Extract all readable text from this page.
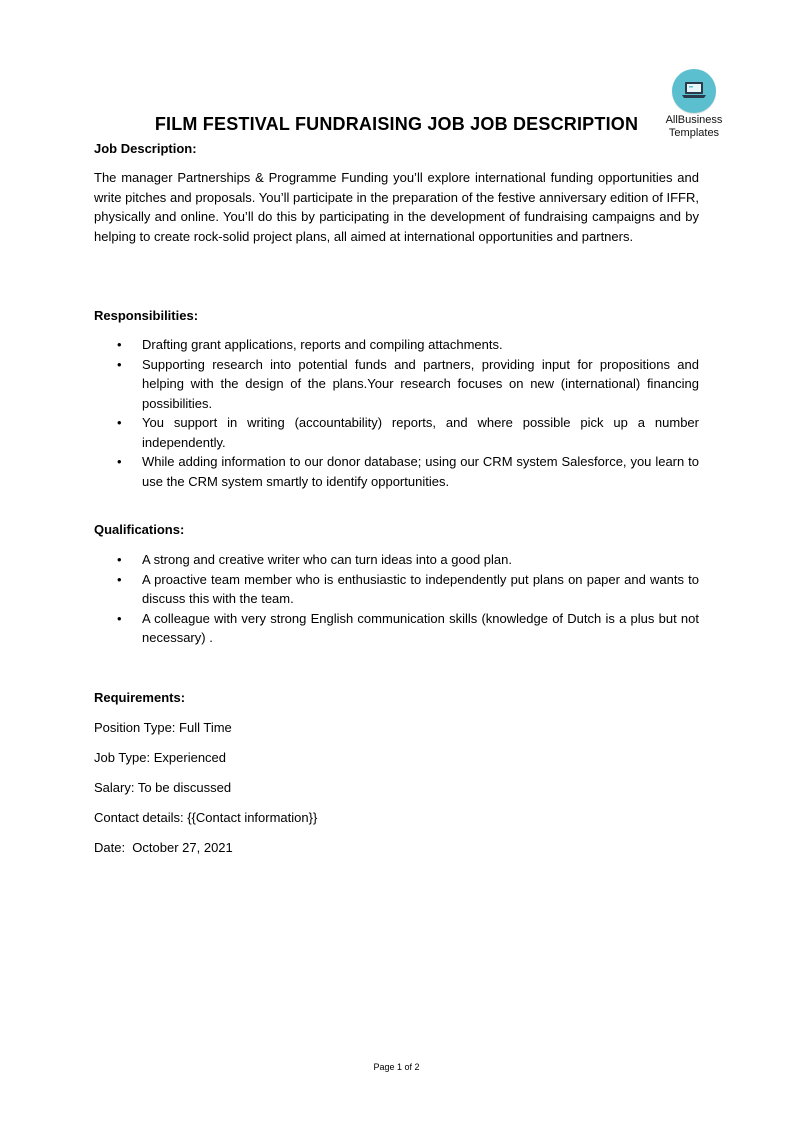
AllBusiness
Templates
FILM FESTIVAL FUNDRAISING JOB JOB DESCRIPTION
Job Description:

The manager Partnerships & Programme Funding you’ll explore international funding opportunities and write pitches and proposals. You’ll participate in the preparation of the festive anniversary edition of IFFR, physically and online. You’ll do this by participating in the development of fundraising campaigns and by helping to create rock-solid project plans, all aimed at international opportunities and partners.

Responsibilities:
• Drafting grant applications, reports and compiling attachments.
• Supporting research into potential funds and partners, providing input for propositions and helping with the design of the plans.Your research focuses on new (international) financing possibilities.
• You support in writing (accountability) reports, and where possible pick up a number independently.
• While adding information to our donor database; using our CRM system Salesforce, you learn to use the CRM system smartly to identify opportunities.
Qualifications:
• A strong and creative writer who can turn ideas into a good plan.
• A proactive team member who is enthusiastic to independently put plans on paper and wants to discuss this with the team.
• A colleague with very strong English communication skills (knowledge of Dutch is a plus but not necessary) .
Requirements:
Position Type: Full Time
Job Type: Experienced
Salary: To be discussed
Contact details: {{Contact information}}
Date:  October 27, 2021
Page 1 of 2
